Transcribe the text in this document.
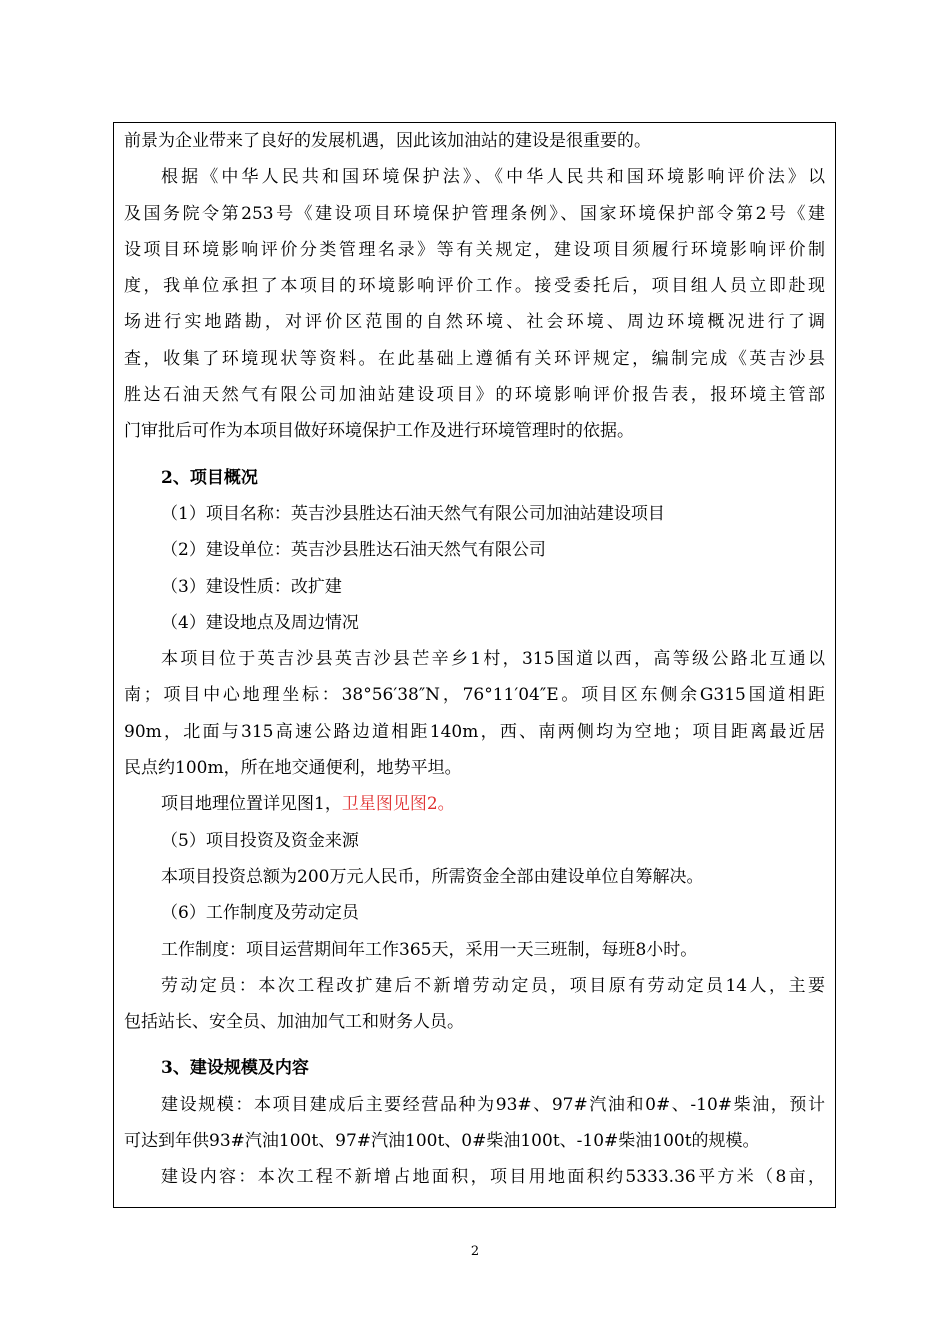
前景为企业带来了良好的发展机遇，因此该加油站的建设是很重要的。
根据《中华人民共和国环境保护法》、《中华人民共和国环境影响评价法》以
及国务院令第253号《建设项目环境保护管理条例》、国家环境保护部令第2号《建
设项目环境影响评价分类管理名录》等有关规定，建设项目须履行环境影响评价制
度，我单位承担了本项目的环境影响评价工作。接受委托后，项目组人员立即赴现
场进行实地踏勘，对评价区范围的自然环境、社会环境、周边环境概况进行了调
查，收集了环境现状等资料。在此基础上遵循有关环评规定，编制完成《英吉沙县
胜达石油天然气有限公司加油站建设项目》的环境影响评价报告表，报环境主管部
门审批后可作为本项目做好环境保护工作及进行环境管理时的依据。
2、项目概况
（1）项目名称：英吉沙县胜达石油天然气有限公司加油站建设项目
（2）建设单位：英吉沙县胜达石油天然气有限公司
（3）建设性质：改扩建
（4）建设地点及周边情况
本项目位于英吉沙县英吉沙县芒辛乡1村，315国道以西，高等级公路北互通以
南；项目中心地理坐标：38°56′38″N，76°11′04″E。项目区东侧余G315国道相距
90m，北面与315高速公路边道相距140m，西、南两侧均为空地；项目距离最近居
民点约100m，所在地交通便利，地势平坦。
项目地理位置详见图1，卫星图见图2。
（5）项目投资及资金来源
本项目投资总额为200万元人民币，所需资金全部由建设单位自筹解决。
（6）工作制度及劳动定员
工作制度：项目运营期间年工作365天，采用一天三班制，每班8小时。
劳动定员：本次工程改扩建后不新增劳动定员，项目原有劳动定员14人，主要
包括站长、安全员、加油加气工和财务人员。
3、建设规模及内容
建设规模：本项目建成后主要经营品种为93#、97#汽油和0#、-10#柴油，预计
可达到年供93#汽油100t、97#汽油100t、0#柴油100t、-10#柴油100t的规模。
建设内容：本次工程不新增占地面积，项目用地面积约5333.36平方米（8亩，
2
